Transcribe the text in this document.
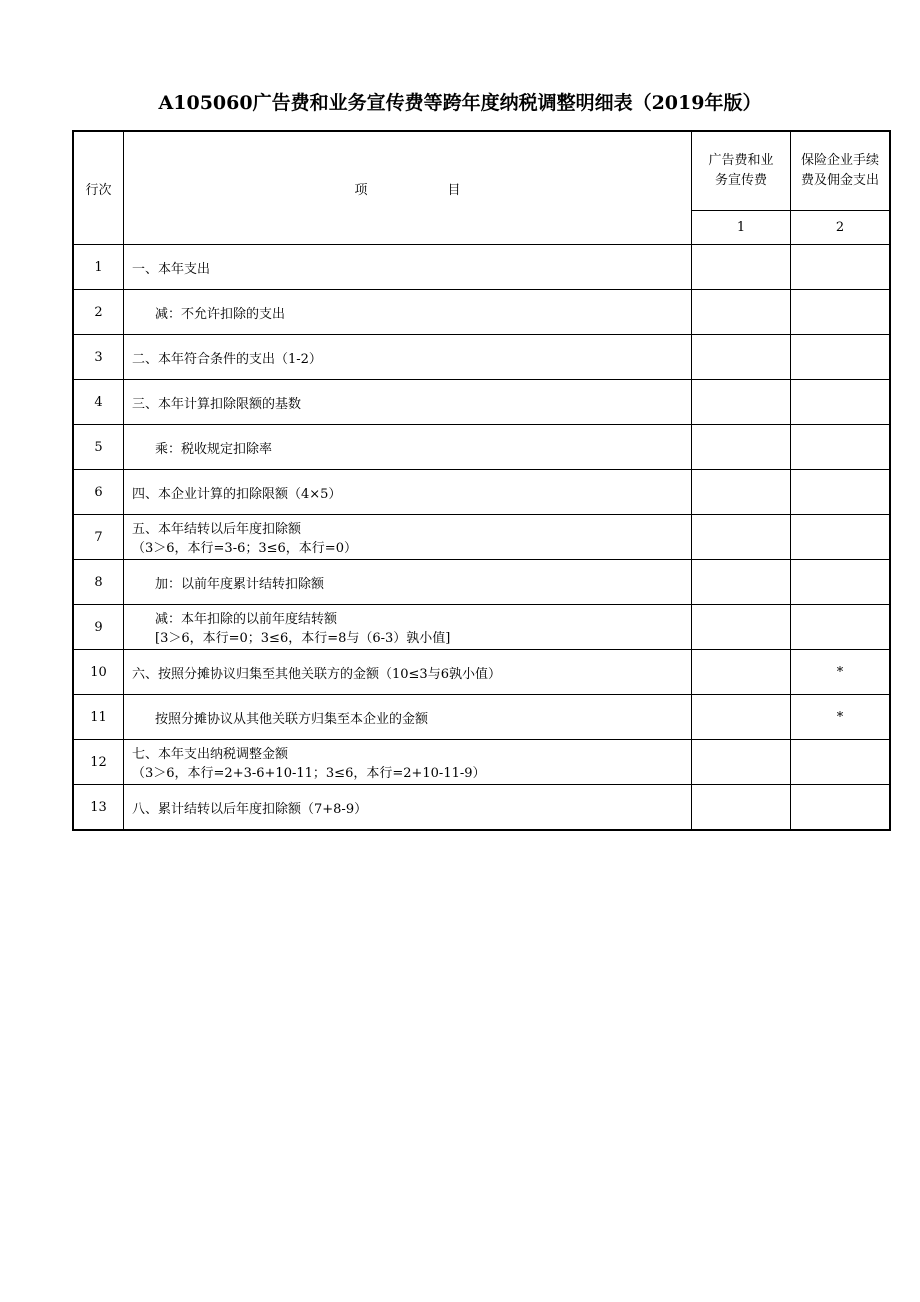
A105060广告费和业务宣传费等跨年度纳税调整明细表（2019年版）
行次	项 目	广告费和业务宣传费	保险企业手续费及佣金支出

		1	2
1	一、本年支出		

2	减：不允许扣除的支出		

3	二、本年符合条件的支出（1-2）		

4	三、本年计算扣除限额的基数		

5	乘：税收规定扣除率		

6	四、本企业计算的扣除限额（4×5）		

7	五、本年结转以后年度扣除额
（3＞6，本行=3-6；3≤6，本行=0）		

8	加：以前年度累计结转扣除额		

9	减：本年扣除的以前年度结转额
[3＞6，本行=0；3≤6，本行=8与（6-3）孰小值]		

10	六、按照分摊协议归集至其他关联方的金额（10≤3与6孰小值）		*
11	按照分摊协议从其他关联方归集至本企业的金额		*
12	七、本年支出纳税调整金额
（3＞6，本行=2+3-6+10-11；3≤6，本行=2+10-11-9）		

13	八、累计结转以后年度扣除额（7+8-9）		
